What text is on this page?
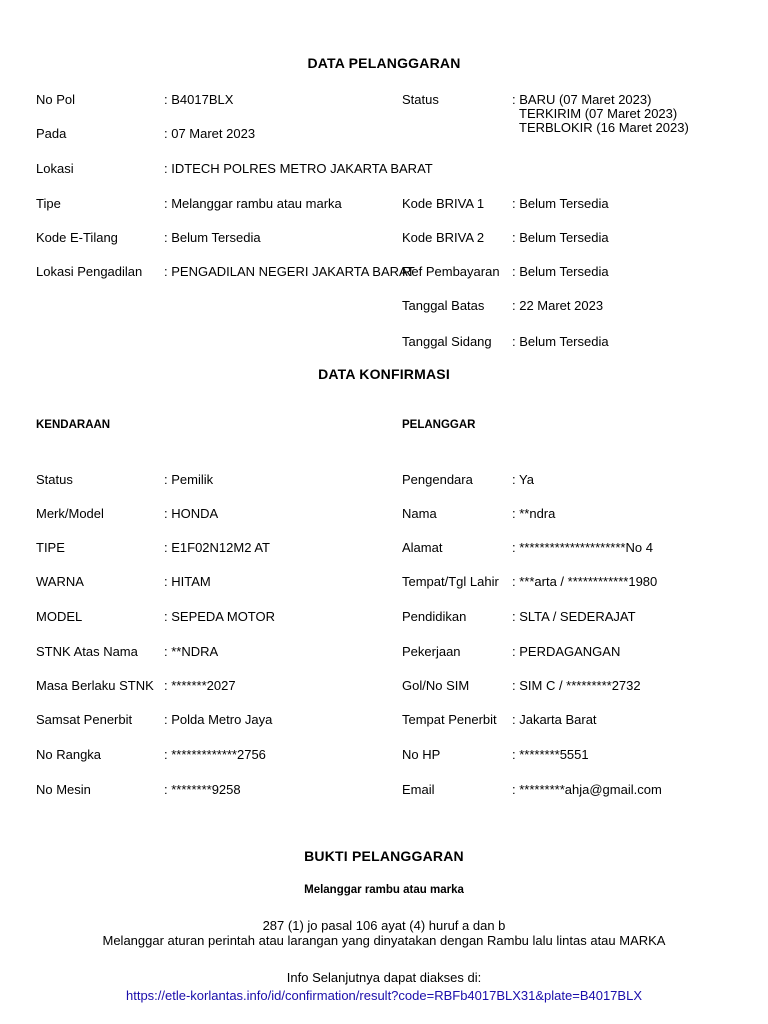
DATA PELANGGARAN
No Pol	: B4017BLX
Pada	: 07 Maret 2023
Lokasi	: IDTECH POLRES METRO JAKARTA BARAT
Tipe	: Melanggar rambu atau marka
Kode E-Tilang	: Belum Tersedia
Lokasi Pengadilan : PENGADILAN NEGERI JAKARTA BARAT
Status	: BARU (07 Maret 2023)
TERKIRIM (07 Maret 2023)
TERBLOKIR (16 Maret 2023)
Kode BRIVA 1 : Belum Tersedia
Kode BRIVA 2 : Belum Tersedia
Ref Pembayaran : Belum Tersedia
Tanggal Batas : 22 Maret 2023
Tanggal Sidang : Belum Tersedia
DATA KONFIRMASI
KENDARAAN	PELANGGAR
Status	: Pemilik
Merk/Model	: HONDA
TIPE	: E1F02N12M2 AT
WARNA	: HITAM
MODEL	: SEPEDA MOTOR
STNK Atas Nama : **NDRA
Masa Berlaku STNK : *******2027
Samsat Penerbit : Polda Metro Jaya
No Rangka	: *************2756
No Mesin	: ********9258
Pengendara	: Ya
Nama	: **ndra
Alamat	: *********************No 4
Tempat/Tgl Lahir : ***arta / ************1980
Pendidikan	: SLTA / SEDERAJAT
Pekerjaan	: PERDAGANGAN
Gol/No SIM	: SIM C / *********2732
Tempat Penerbit : Jakarta Barat
No HP	: ********5551
Email	: *********ahja@gmail.com
BUKTI PELANGGARAN
Melanggar rambu atau marka
287 (1) jo pasal 106 ayat (4) huruf a dan b
Melanggar aturan perintah atau larangan yang dinyatakan dengan Rambu lalu lintas atau MARKA
Info Selanjutnya dapat diakses di:
https://etle-korlantas.info/id/confirmation/result?code=RBFb4017BLX31&plate=B4017BLX
